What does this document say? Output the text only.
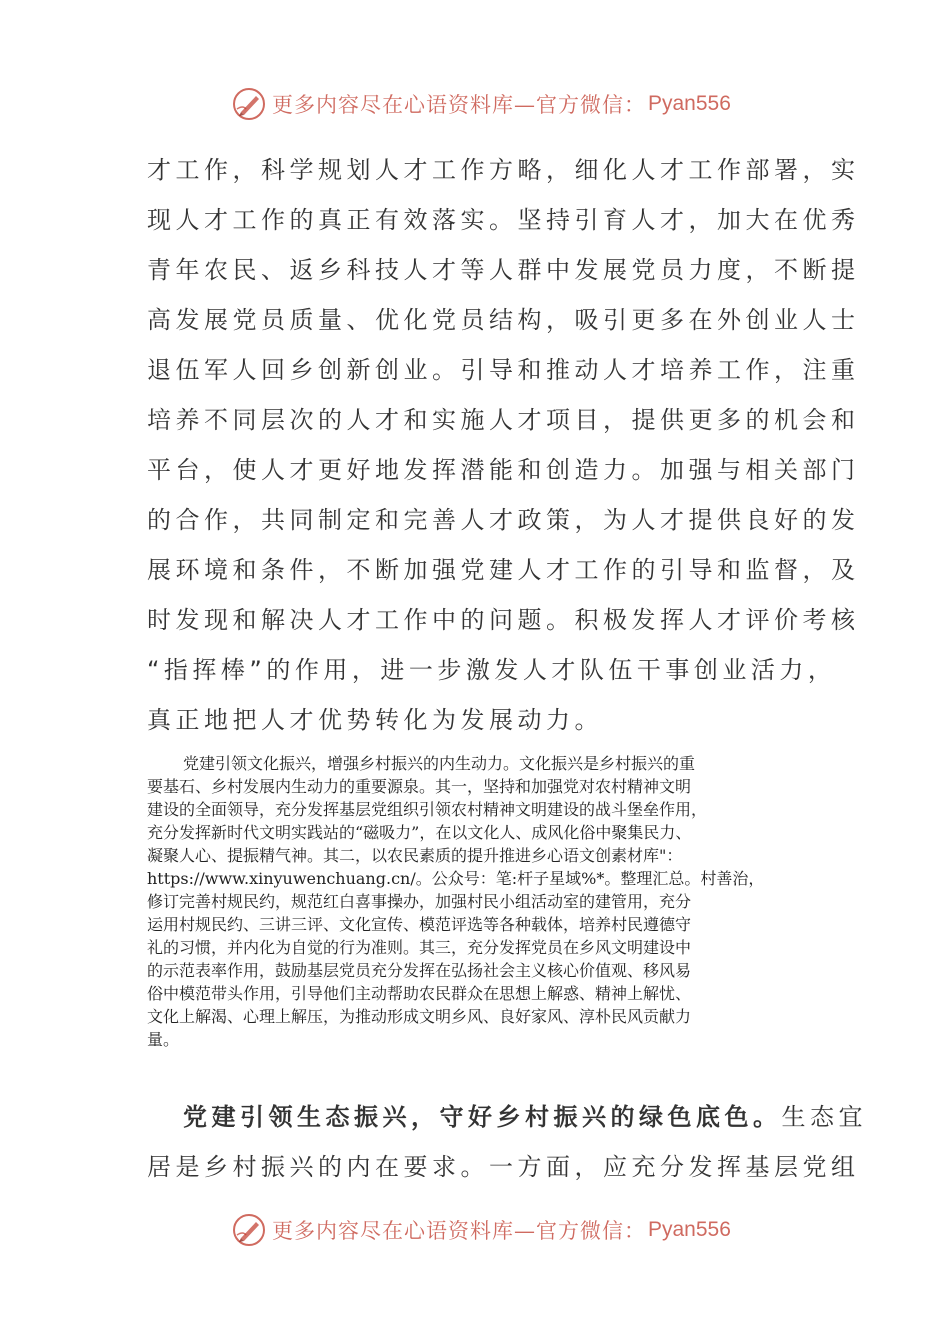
更多内容尽在心语资料库—官方微信： Pyan556
才工作，科学规划人才工作方略，细化人才工作部署，实
现人才工作的真正有效落实。坚持引育人才，加大在优秀
青年农民、返乡科技人才等人群中发展党员力度，不断提
高发展党员质量、优化党员结构，吸引更多在外创业人士
退伍军人回乡创新创业。引导和推动人才培养工作，注重
培养不同层次的人才和实施人才项目，提供更多的机会和
平台，使人才更好地发挥潜能和创造力。加强与相关部门
的合作，共同制定和完善人才政策，为人才提供良好的发
展环境和条件，不断加强党建人才工作的引导和监督，及
时发现和解决人才工作中的问题。积极发挥人才评价考核
“指挥棒”的作用，进一步激发人才队伍干事创业活力，
真正地把人才优势转化为发展动力。
党建引领文化振兴，增强乡村振兴的内生动力。文化振兴是乡村振兴的重
要基石、乡村发展内生动力的重要源泉。其一，坚持和加强党对农村精神文明
建设的全面领导，充分发挥基层党组织引领农村精神文明建设的战斗堡垒作用，
充分发挥新时代文明实践站的“磁吸力”，在以文化人、成风化俗中聚集民力、
凝聚人心、提振精气神。其二，以农民素质的提升推进乡心语文创素材库"：
https://www.xinyuwenchuang.cn/。公众号：笔:杆子星域%*。整理汇总。村善治，
修订完善村规民约，规范红白喜事操办，加强村民小组活动室的建管用，充分
运用村规民约、三讲三评、文化宣传、模范评选等各种载体，培养村民遵德守
礼的习惯，并内化为自觉的行为准则。其三，充分发挥党员在乡风文明建设中
的示范表率作用，鼓励基层党员充分发挥在弘扬社会主义核心价值观、移风易
俗中模范带头作用，引导他们主动帮助农民群众在思想上解惑、精神上解忧、
文化上解渴、心理上解压，为推动形成文明乡风、良好家风、淳朴民风贡献力
量。
党建引领生态振兴，守好乡村振兴的绿色底色。生态宜
居是乡村振兴的内在要求。一方面，应充分发挥基层党组
更多内容尽在心语资料库—官方微信： Pyan556
